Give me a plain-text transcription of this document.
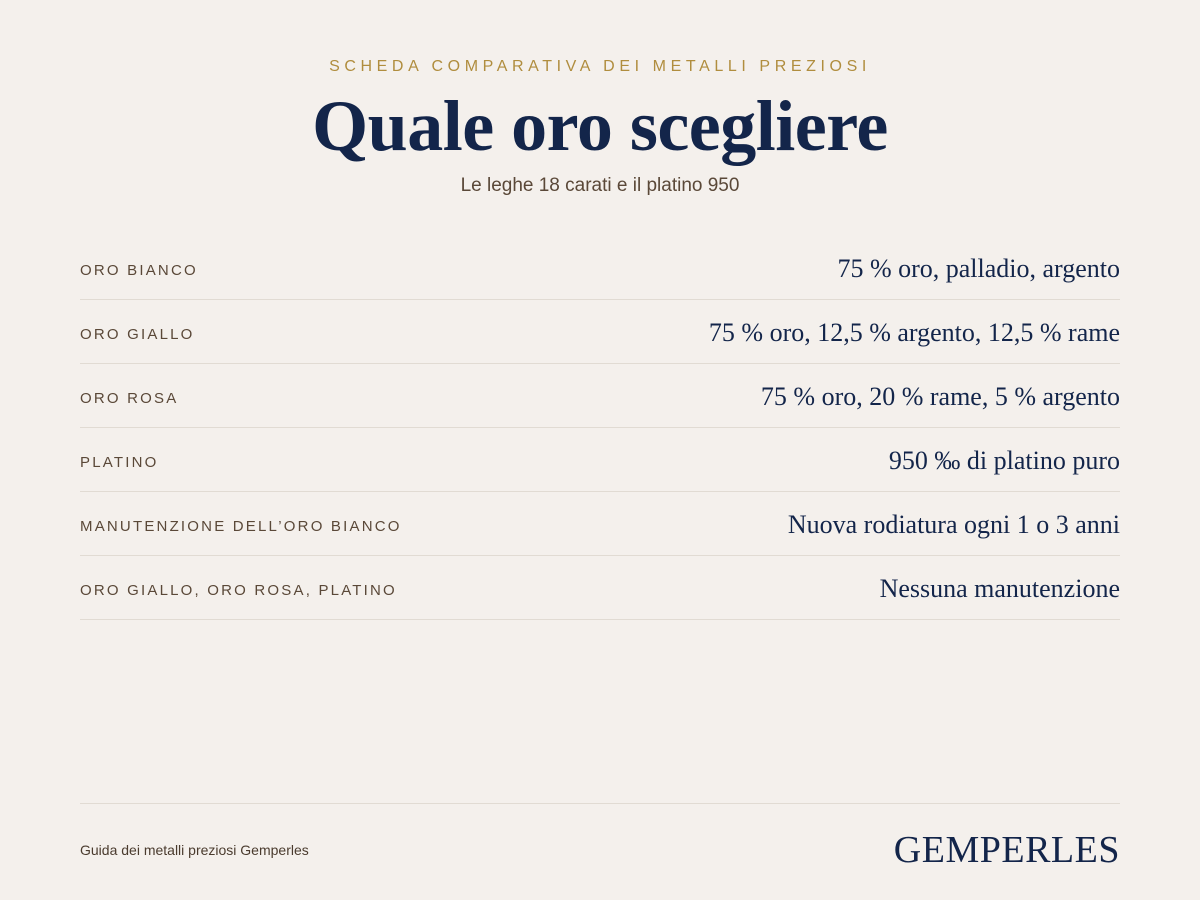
SCHEDA COMPARATIVA DEI METALLI PREZIOSI
Quale oro scegliere
Le leghe 18 carati e il platino 950
ORO BIANCO	75 % oro, palladio, argento
ORO GIALLO	75 % oro, 12,5 % argento, 12,5 % rame
ORO ROSA	75 % oro, 20 % rame, 5 % argento
PLATINO	950 ‰ di platino puro
MANUTENZIONE DELL’ORO BIANCO	Nuova rodiatura ogni 1 o 3 anni
ORO GIALLO, ORO ROSA, PLATINO	Nessuna manutenzione
Guida dei metalli preziosi Gemperles	GEMPERLES
